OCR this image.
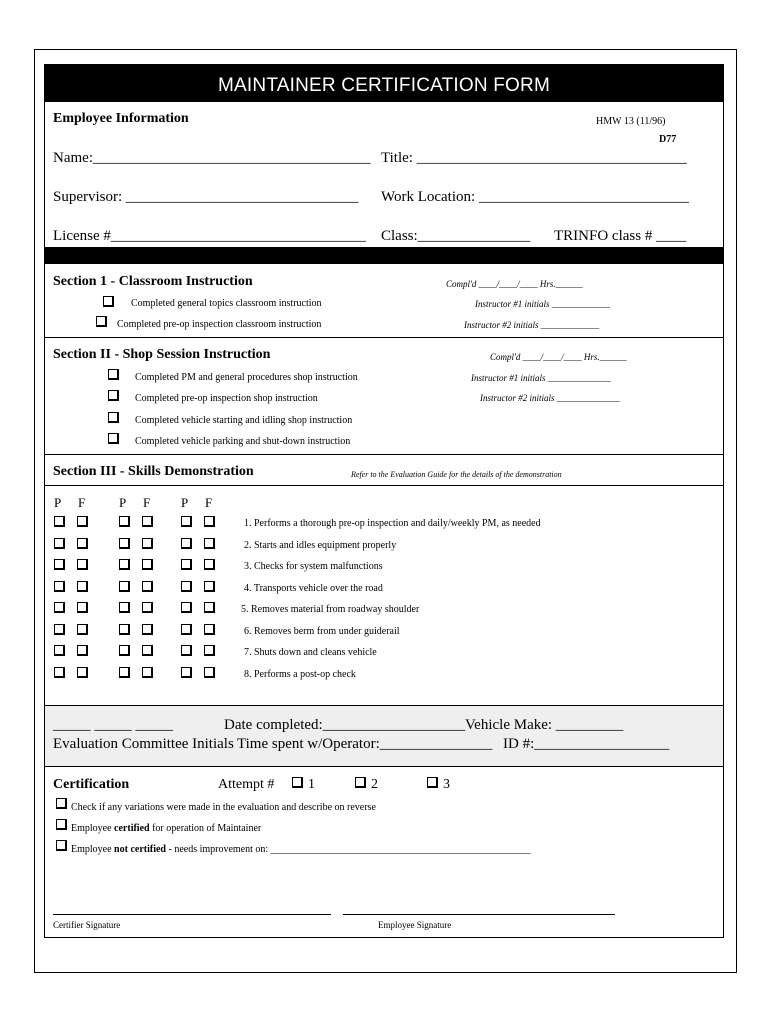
MAINTAINER CERTIFICATION FORM
Employee Information	HMW 13 (11/96)
D77
Name:_____________________________________ Title: ____________________________________
Supervisor: _______________________________ Work Location: ____________________________
License #__________________________________ Class:_______________ TRINFO class # ____
Section 1 - Classroom Instruction	Compl'd ____/____/____ Hrs.______
Completed general topics classroom instruction	Instructor #1 initials _____________
Completed pre-op inspection classroom instruction	Instructor #2 initials _____________
Section II - Shop Session Instruction	Compl'd ____/____/____ Hrs.______
Completed PM and general procedures shop instruction	Instructor #1 initials ______________
Completed pre-op inspection shop instruction	Instructor #2 initials ______________
Completed vehicle starting and idling shop instruction
Completed vehicle parking and shut-down instruction
Section III - Skills Demonstration	Refer to the Evaluation Guide for the details of the demonstration
P F	P F P F
1. Performs a thorough pre-op inspection and daily/weekly PM, as needed
2. Starts and idles equipment properly
3. Checks for system malfunctions
4. Transports vehicle over the road
5. Removes material from roadway shoulder
6. Removes berm from under guiderail
7. Shuts down and cleans vehicle
8. Performs a post-op check
_____ _____ _____	Date completed:___________________ Vehicle Make: _________
Evaluation Committee Initials Time spent w/Operator:_______________ ID #:__________________
Certification	Attempt # 1	2	3
Check if any variations were made in the evaluation and describe on reverse
Employee certified for operation of Maintainer
Employee not certified - needs improvement on: ____________________________________________________
Certifier Signature	Employee Signature
